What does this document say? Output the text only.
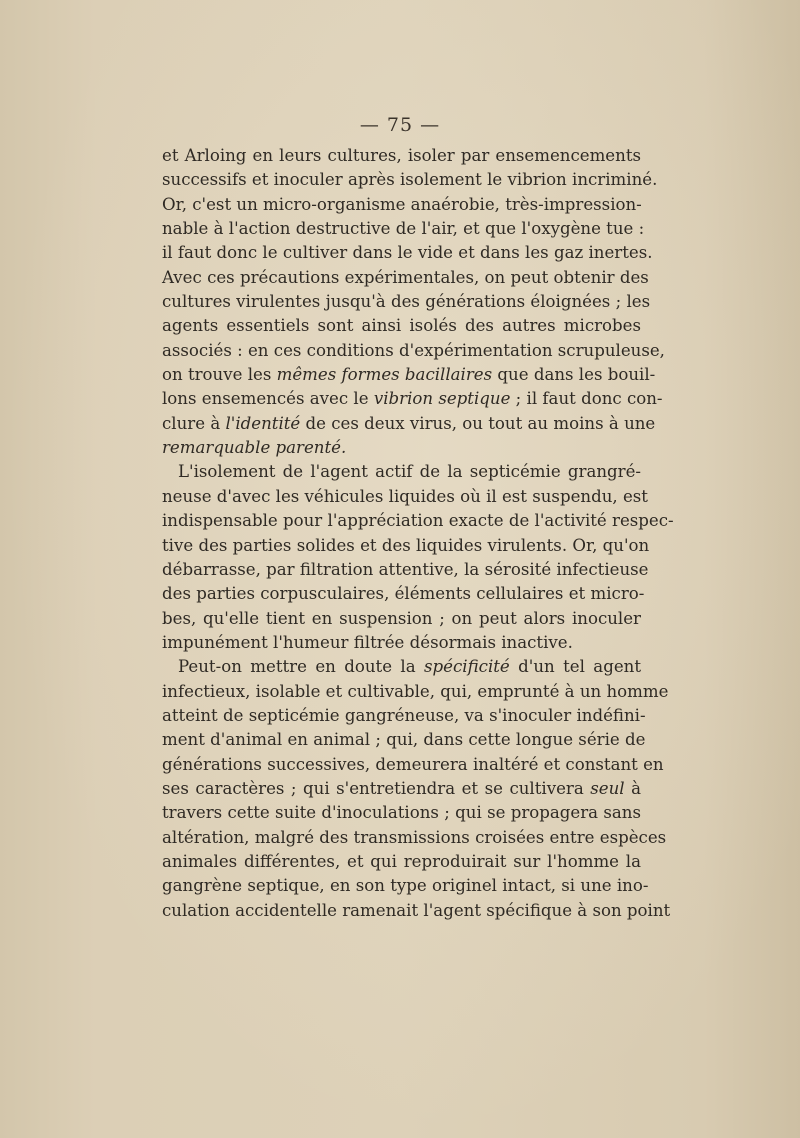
— 75 —
et Arloing en leurs cultures, isoler par ensemencements
successifs et inoculer après isolement le vibrion incriminé.
Or, c'est un micro-organisme anaérobie, très-impression-
nable à l'action destructive de l'air, et que l'oxygène tue :
il faut donc le cultiver dans le vide et dans les gaz inertes.
Avec ces précautions expérimentales, on peut obtenir des
cultures virulentes jusqu'à des générations éloignées ; les
agents essentiels sont ainsi isolés des autres microbes
associés : en ces conditions d'expérimentation scrupuleuse,
on trouve les mêmes formes bacillaires que dans les bouil-
lons ensemencés avec le vibrion septique ; il faut donc con-
clure à l'identité de ces deux virus, ou tout au moins à une
remarquable parenté.
L'isolement de l'agent actif de la septicémie grangré-
neuse d'avec les véhicules liquides où il est suspendu, est
indispensable pour l'appréciation exacte de l'activité respec-
tive des parties solides et des liquides virulents. Or, qu'on
débarrasse, par filtration attentive, la sérosité infectieuse
des parties corpusculaires, éléments cellulaires et micro-
bes, qu'elle tient en suspension ; on peut alors inoculer
impunément l'humeur filtrée désormais inactive.
Peut-on mettre en doute la spécificité d'un tel agent
infectieux, isolable et cultivable, qui, emprunté à un homme
atteint de septicémie gangréneuse, va s'inoculer indéfini-
ment d'animal en animal ; qui, dans cette longue série de
générations successives, demeurera inaltéré et constant en
ses caractères ; qui s'entretiendra et se cultivera seul à
travers cette suite d'inoculations ; qui se propagera sans
altération, malgré des transmissions croisées entre espèces
animales différentes, et qui reproduirait sur l'homme la
gangrène septique, en son type originel intact, si une ino-
culation accidentelle ramenait l'agent spécifique à son point
